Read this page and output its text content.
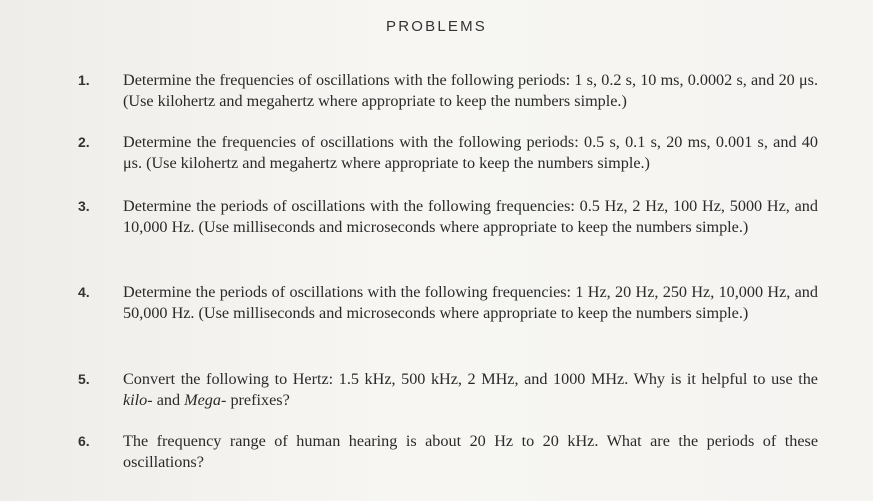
PROBLEMS
1.	Determine the frequencies of oscillations with the following periods: 1 s, 0.2 s, 10 ms, 0.0002 s, and 20 μs. (Use kilohertz and megahertz where appropriate to keep the numbers simple.)
2.	Determine the frequencies of oscillations with the following periods: 0.5 s, 0.1 s, 20 ms, 0.001 s, and 40 μs. (Use kilohertz and megahertz where appropriate to keep the numbers simple.)
3.	Determine the periods of oscillations with the following frequencies: 0.5 Hz, 2 Hz, 100 Hz, 5000 Hz, and 10,000 Hz. (Use milliseconds and microseconds where appropriate to keep the numbers simple.)
4.	Determine the periods of oscillations with the following frequencies: 1 Hz, 20 Hz, 250 Hz, 10,000 Hz, and 50,000 Hz. (Use milliseconds and microseconds where appropriate to keep the numbers simple.)
5.	Convert the following to Hertz: 1.5 kHz, 500 kHz, 2 MHz, and 1000 MHz. Why is it helpful to use the kilo- and Mega- prefixes?
6.	The frequency range of human hearing is about 20 Hz to 20 kHz. What are the periods of these oscillations?
